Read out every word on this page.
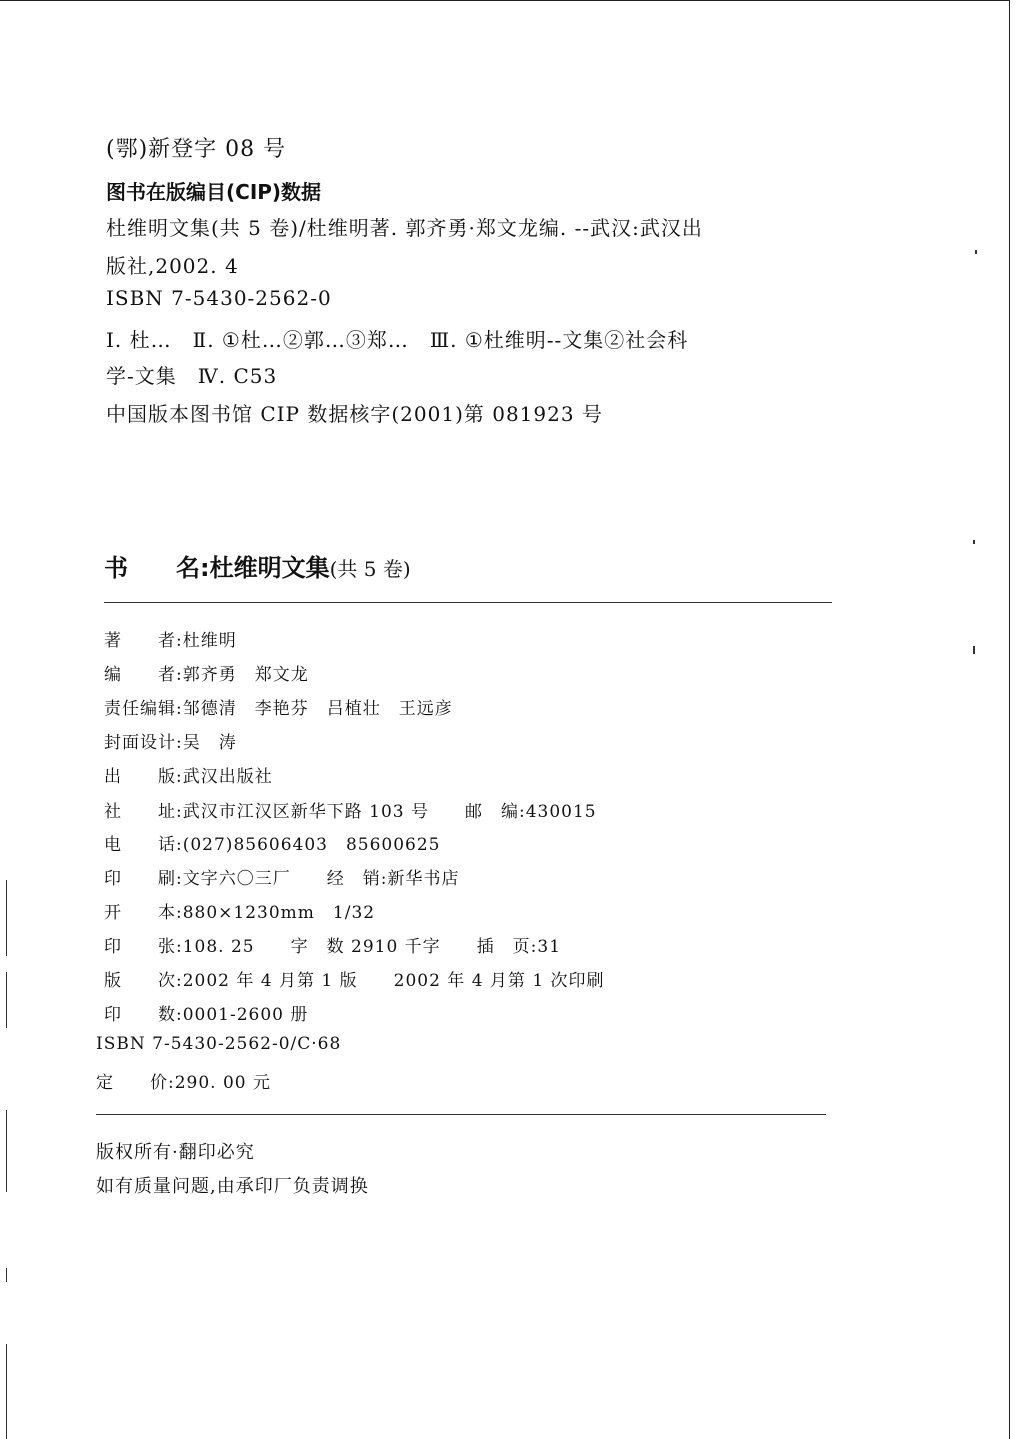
(鄂)新登字 08 号
图书在版编目(CIP)数据
杜维明文集(共 5 卷)/杜维明著. 郭齐勇·郑文龙编. --武汉:武汉出
版社,2002. 4
ISBN 7-5430-2562-0
Ⅰ. 杜…　Ⅱ. ①杜…②郭…③郑…　Ⅲ. ①杜维明--文集②社会科
学-文集　Ⅳ. C53
中国版本图书馆 CIP 数据核字(2001)第 081923 号
书　　名:杜维明文集(共 5 卷)
著　　者:杜维明
编　　者:郭齐勇　郑文龙
责任编辑:邹德清　李艳芬　吕植壮　王远彦
封面设计:吴　涛
出　　版:武汉出版社
社　　址:武汉市江汉区新华下路 103 号　　邮　编:430015
电　　话:(027)85606403　85600625
印　　刷:文字六〇三厂　　经　销:新华书店
开　　本:880×1230mm　1/32
印　　张:108. 25　　字　数 2910 千字　　插　页:31
版　　次:2002 年 4 月第 1 版　　2002 年 4 月第 1 次印刷
印　　数:0001-2600 册
ISBN 7-5430-2562-0/C·68
定　　价:290. 00 元
版权所有·翻印必究
如有质量问题,由承印厂负责调换
